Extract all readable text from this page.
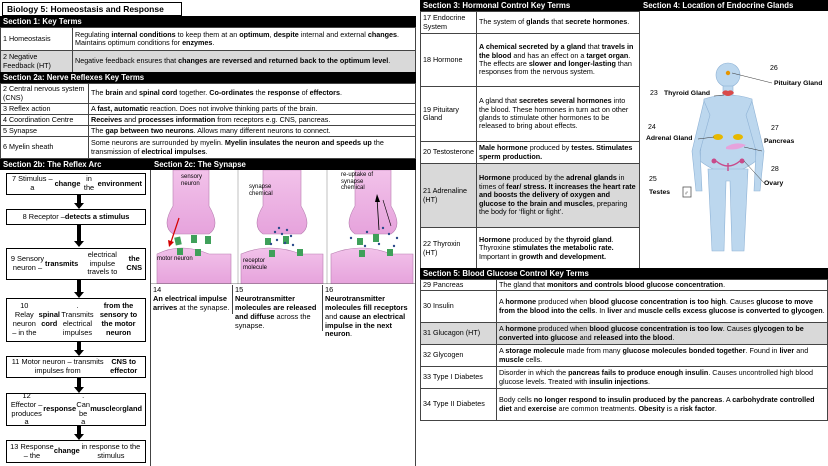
Biology 5: Homeostasis and Response
Section 1: Key Terms
1 Homeostasis	Regulating internal conditions to keep them at an optimum, despite internal and external changes. Maintains optimum conditions for enzymes.
2 Negative Feedback (HT)	Negative feedback ensures that changes are reversed and returned back to the optimum level.
Section 2a: Nerve Reflexes Key Terms
2 Central nervous system (CNS)	The brain and spinal cord together. Co-ordinates the response of effectors.
3 Reflex action	A fast, automatic reaction. Does not involve thinking parts of the brain.
4 Coordination Centre	Receives and processes information from receptors e.g. CNS, pancreas.
5 Synapse	The gap between two neurons. Allows many different neurons to connect.
6 Myelin sheath	Some neurons are surrounded by myelin. Myelin insulates the neuron and speeds up the transmission of electrical impulses.
Section 2b: The Reflex Arc
7 Stimulus – a	change in the environment
8 Receptor – detects a stimulus
9 Sensory neuron – transmits
electrical impulse travels to
the CNS
10 Relay neuron – in the
spinal cord
. Transmits electrical impulses
from the sensory to the motor neuron
11 Motor neuron – transmits impulses from
CNS to effector
12 Effector – produces a
response
. Can be a
muscle or gland
13 Response – the change in response to the stimulus
Section 2c: The Synapse
sensory neuron
synapse chemical
re-uptake of synapse chemical
motor neuron	receptor molecule
14
An electrical impulse arrives at the synapse.
15
Neurotransmitter molecules are released and diffuse across the synapse.
16
Neurotransmitter molecules fill receptors and cause an electrical impulse in the next neuron.
Section 3: Hormonal Control Key Terms
17 Endocrine System	The system of glands that secrete hormones.
18 Hormone	A chemical secreted by a gland that travels in the blood and has an effect on a target organ. The effects are slower and longer-lasting than responses from the nervous system.
19 Pituitary Gland	A gland that secretes several hormones into the blood. These hormones in turn act on other glands to stimulate other hormones to be released to bring about effects.
20 Testosterone	Male hormone produced by testes. Stimulates sperm production.
21 Adrenaline (HT)	Hormone produced by the adrenal glands in times of fear/ stress. It increases the heart rate and boosts the delivery of oxygen and glucose to the brain and muscles, preparing the body for ‘flight or fight’.
22 Thyroxin (HT)	Hormone produced by the thyroid gland. Thyroxine stimulates the metabolic rate. Important in growth and development.
Section 4: Location of Endocrine Glands
♂
26
Pituitary Gland
23 Thyroid Gland
24
Adrenal Gland
27
Pancreas
28
Ovary
25
Testes
Section 5: Blood Glucose Control Key Terms
29 Pancreas	The gland that monitors and controls blood glucose concentration.
30 Insulin	A hormone produced when blood glucose concentration is too high. Causes glucose to move from the blood into the cells. In liver and muscle cells excess glucose is converted to glycogen.
31 Glucagon (HT)	A hormone produced when blood glucose concentration is too low. Causes glycogen to be converted into glucose and released into the blood.
32 Glycogen	A storage molecule made from many glucose molecules bonded together. Found in liver and muscle cells.
33 Type I Diabetes	Disorder in which the pancreas fails to produce enough insulin. Causes uncontrolled high blood glucose levels. Treated with insulin injections.
34 Type II Diabetes	Body cells no longer respond to insulin produced by the pancreas. A carbohydrate controlled diet and exercise are common treatments. Obesity is a risk factor.
